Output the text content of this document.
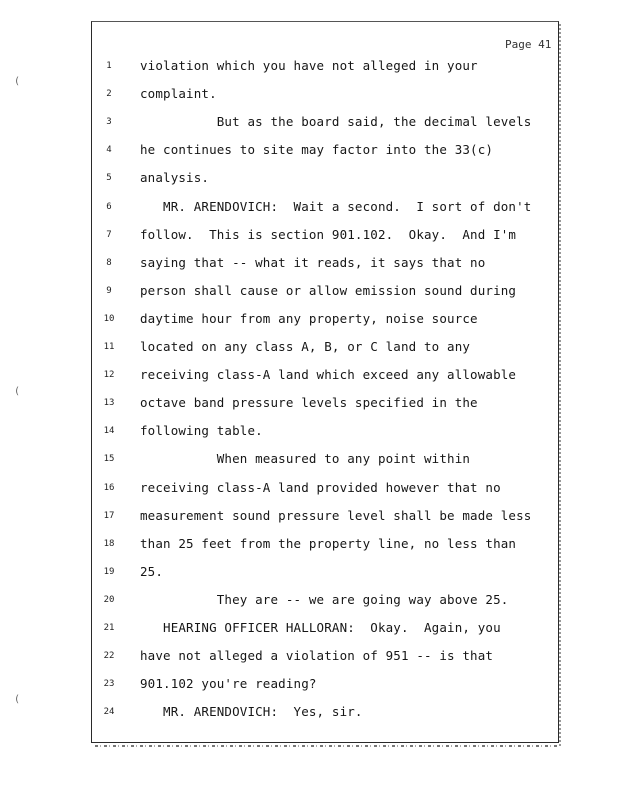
Page 41
(
(
(
1	violation which you have not alleged in your
2	complaint.
3	But as the board said, the decimal levels
4	he continues to site may factor into the 33(c)
5	analysis.
6	MR. ARENDOVICH:  Wait a second.  I sort of don't
7	follow.  This is section 901.102.  Okay.  And I'm
8	saying that -- what it reads, it says that no
9	person shall cause or allow emission sound during
10 daytime hour from any property, noise source
11 located on any class A, B, or C land to any
12 receiving class-A land which exceed any allowable
13 octave band pressure levels specified in the
14 following table.
15 When measured to any point within
16 receiving class-A land provided however that no
17 measurement sound pressure level shall be made less
18 than 25 feet from the property line, no less than
19 25.
20 They are -- we are going way above 25.
21 HEARING OFFICER HALLORAN:  Okay.  Again, you
22 have not alleged a violation of 951 -- is that
23 901.102 you're reading?
24 MR. ARENDOVICH:  Yes, sir.
